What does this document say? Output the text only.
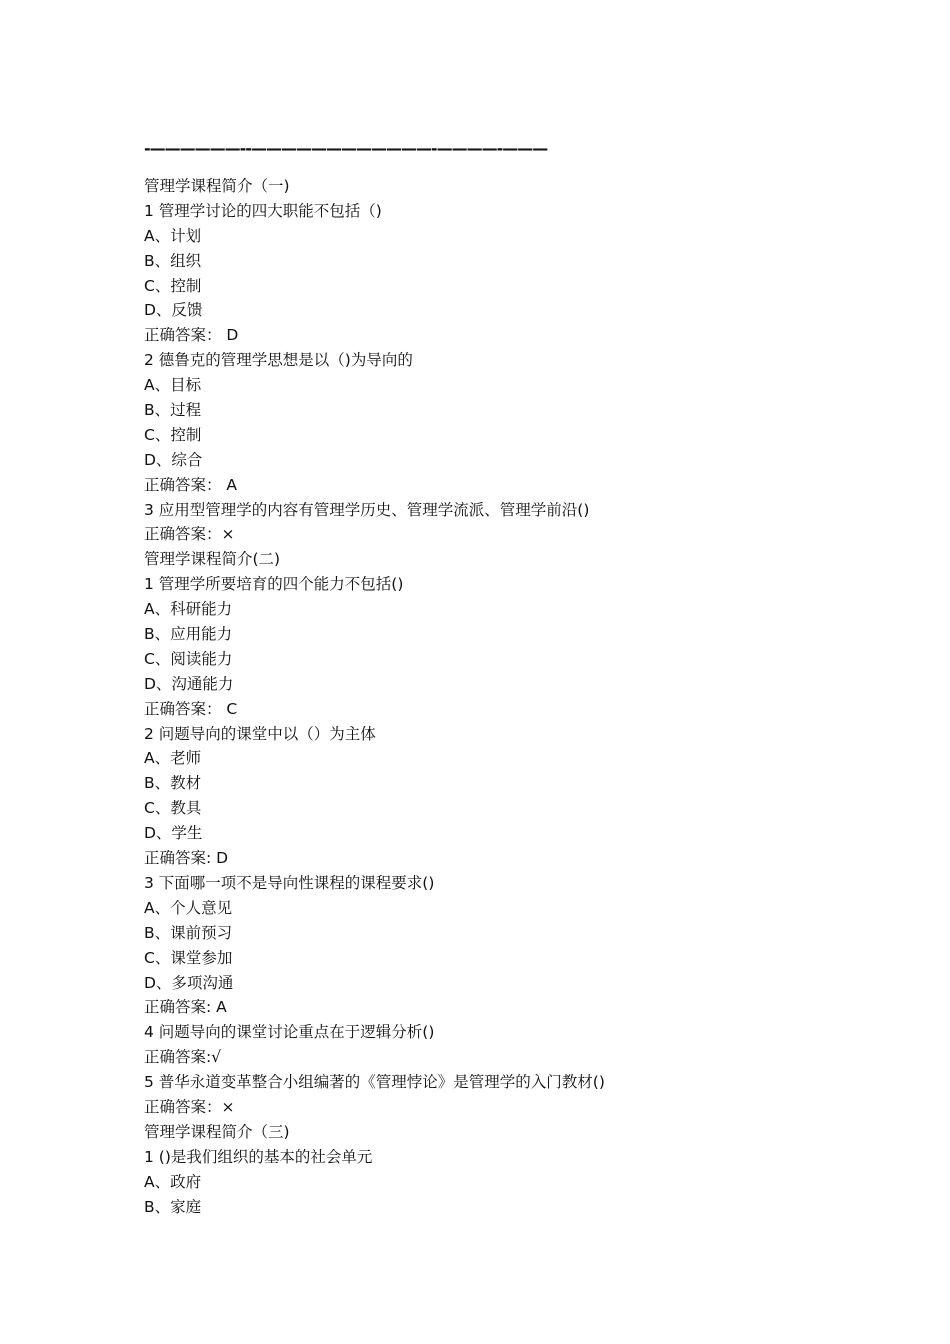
-——————--————————————-————-———
管理学课程简介（一)
1 管理学讨论的四大职能不包括（)
A、计划
B、组织
C、控制
D、反馈
正确答案： D
2 德鲁克的管理学思想是以（)为导向的
A、目标
B、过程
C、控制
D、综合
正确答案： A
3 应用型管理学的内容有管理学历史、管理学流派、管理学前沿()
正确答案：×
管理学课程简介(二)
1 管理学所要培育的四个能力不包括()
A、科研能力
B、应用能力
C、阅读能力
D、沟通能力
正确答案： C
2 问题导向的课堂中以（）为主体
A、老师
B、教材
C、教具
D、学生
正确答案: D
3 下面哪一项不是导向性课程的课程要求()
A、个人意见
B、课前预习
C、课堂参加
D、多项沟通
正确答案: A
4 问题导向的课堂讨论重点在于逻辑分析()
正确答案:√
5 普华永道变革整合小组编著的《管理悖论》是管理学的入门教材()
正确答案：×
管理学课程简介（三)
1 ()是我们组织的基本的社会单元
A、政府
B、家庭
